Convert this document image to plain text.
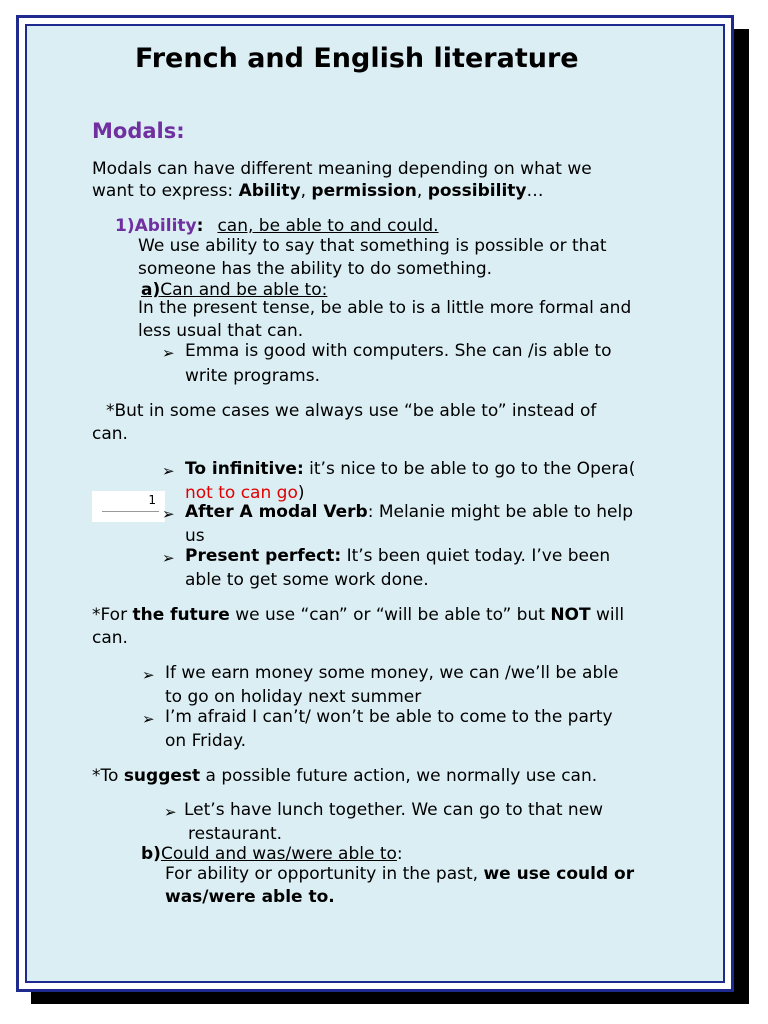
French and English literature
Modals:
Modals can have different meaning depending on what we
want to express: Ability, permission, possibility…
1)Ability: can, be able to and could.
We use ability to say that something is possible or that
someone has the ability to do something.
a)Can and be able to:
In the present tense, be able to is a little more formal and
less usual that can.
➢ Emma is good with computers. She can /is able to
write programs.
*But in some cases we always use “be able to” instead of
can.
➢ To infinitive: it’s nice to be able to go to the Opera(
not to can go)
1
➢ After A modal Verb: Melanie might be able to help
us
➢ Present perfect: It’s been quiet today. I’ve been
able to get some work done.
*For the future we use “can” or “will be able to” but NOT will
can.
➢ If we earn money some money, we can /we’ll be able
to go on holiday next summer
➢ I’m afraid I can’t/ won’t be able to come to the party
on Friday.
*To suggest a possible future action, we normally use can.
➢ Let’s have lunch together. We can go to that new
restaurant.
b)Could and was/were able to:
For ability or opportunity in the past, we use could or
was/were able to.
